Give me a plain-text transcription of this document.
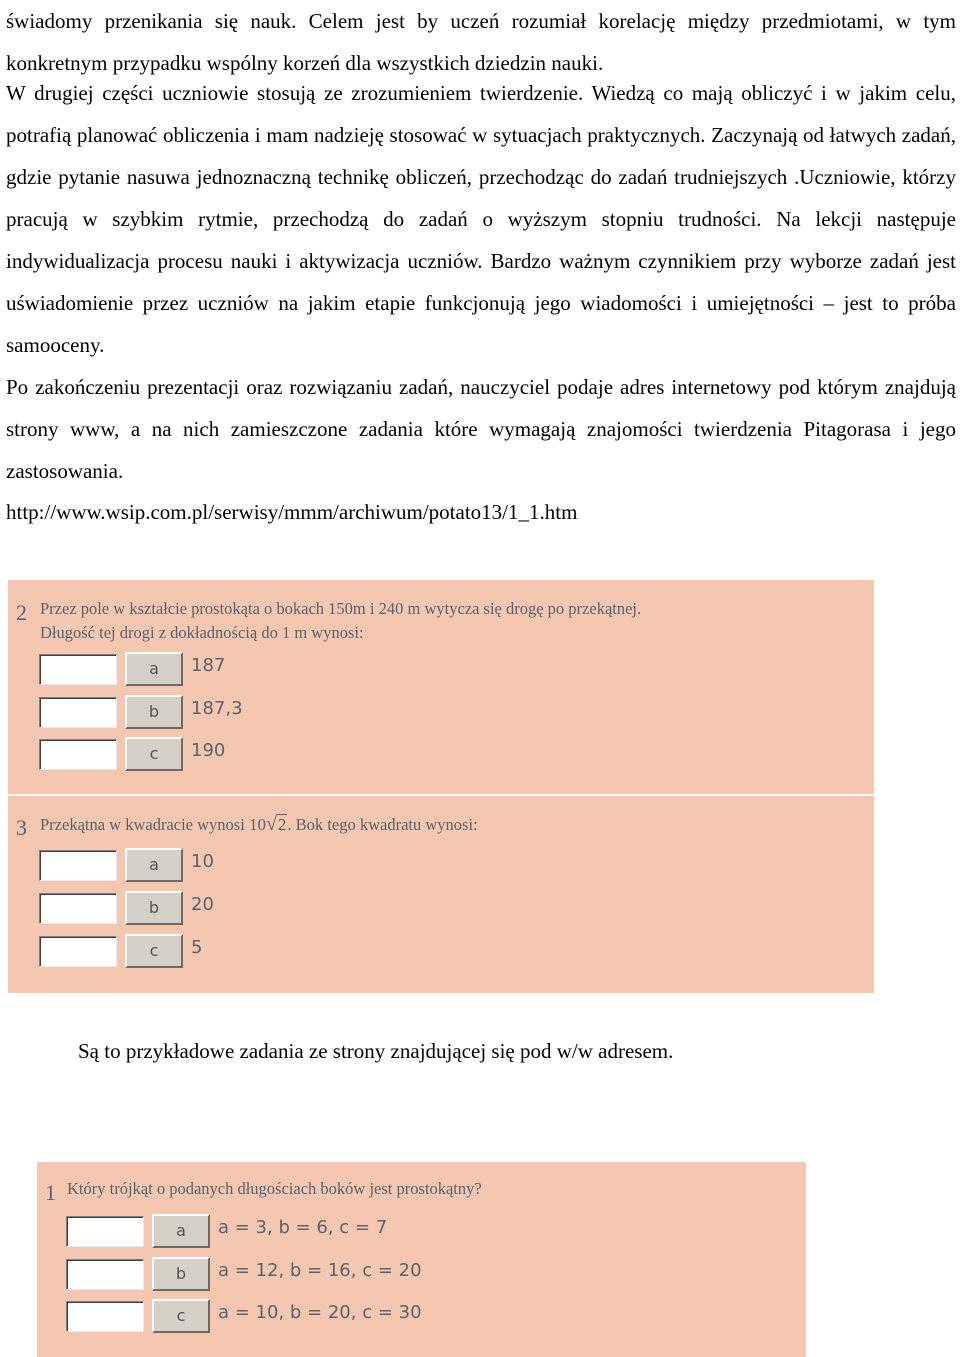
świadomy przenikania się nauk. Celem jest by uczeń rozumiał korelację między przedmiotami, w tym konkretnym przypadku wspólny korzeń dla wszystkich dziedzin nauki.

W drugiej części uczniowie stosują ze zrozumieniem twierdzenie. Wiedzą co mają obliczyć i w jakim celu, potrafią planować obliczenia i mam nadzieję stosować w sytuacjach praktycznych. Zaczynają od łatwych zadań, gdzie pytanie nasuwa jednoznaczną technikę obliczeń, przechodząc do zadań trudniejszych .Uczniowie, którzy pracują w szybkim rytmie, przechodzą do zadań o wyższym stopniu trudności. Na lekcji następuje indywidualizacja procesu nauki i aktywizacja uczniów. Bardzo ważnym czynnikiem przy wyborze zadań jest uświadomienie przez uczniów na jakim etapie funkcjonują jego wiadomości i umiejętności – jest to próba samooceny.

Po zakończeniu prezentacji oraz rozwiązaniu zadań, nauczyciel podaje adres internetowy pod którym znajdują strony www, a na nich zamieszczone zadania które wymagają znajomości twierdzenia Pitagorasa i jego zastosowania.

http://www.wsip.com.pl/serwisy/mmm/archiwum/potato13/1_1.htm

2 Przez pole w kształcie prostokąta o bokach 150m i 240 m wytycza się drogę po przekątnej.
Długość tej drogi z dokładnością do 1 m wynosi:
a	187
b	187,3
c	190
3 Przekątna w kwadracie wynosi 10√2. Bok tego kwadratu wynosi:
a	10
b	20
c	5

Są to przykładowe zadania ze strony znajdującej się pod w/w adresem.

1 Który trójkąt o podanych długościach boków jest prostokątny?
a	a = 3, b = 6, c = 7
b	a = 12, b = 16, c = 20
c	a = 10, b = 20, c = 30
